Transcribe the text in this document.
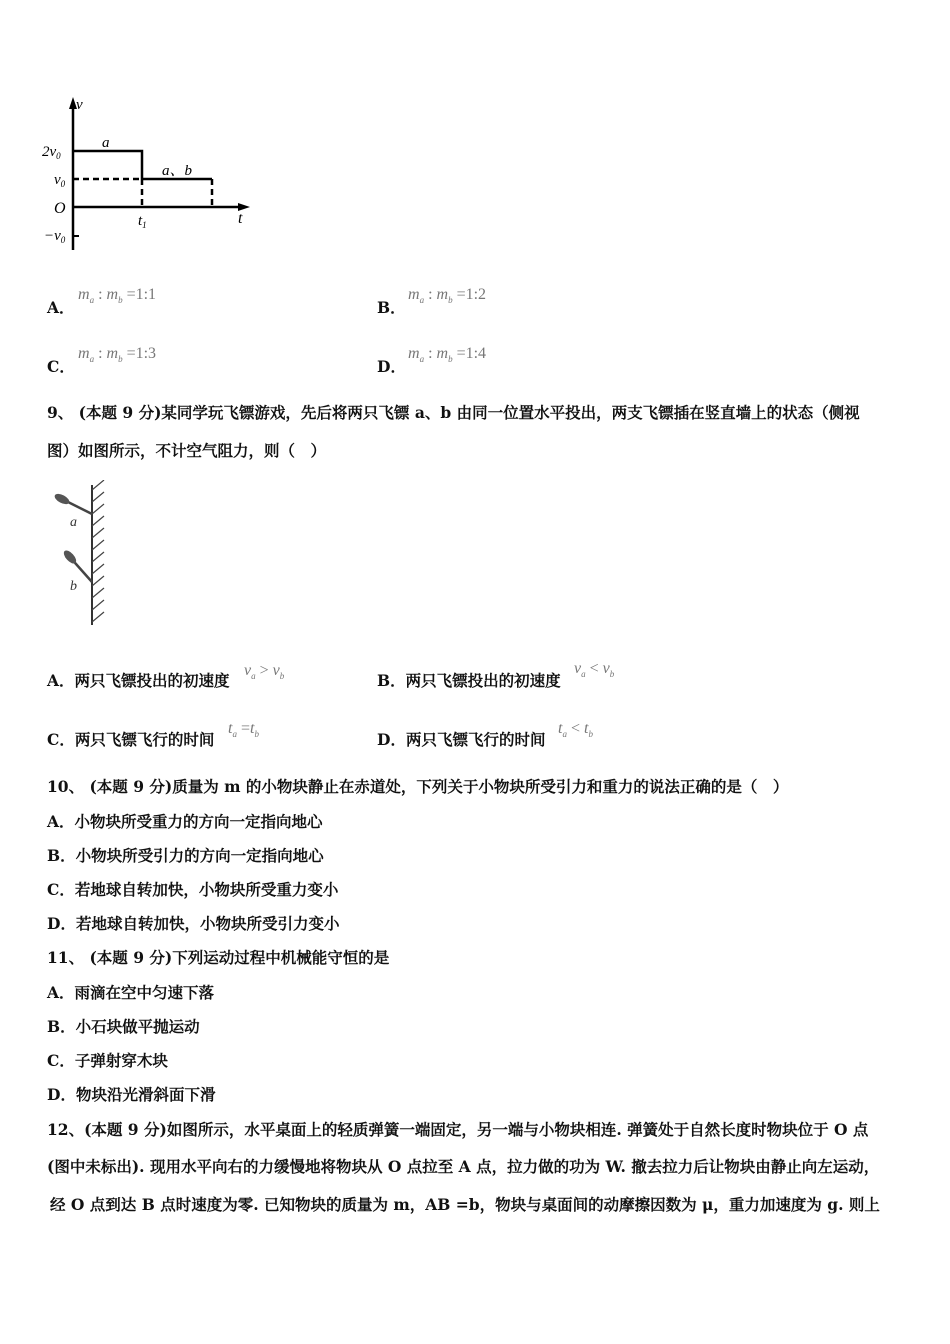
v
t
$2v_0$
$v_0$
O
$-v_0$
$t_1$
a
a、b
A．
$m_a$ : $m_b$ =1:1
B．
$m_a$ : $m_b$ =1:2
C．
$m_a$ : $m_b$ =1:3
D．
$m_a$ : $m_b$ =1:4
9、 (本题 9 分)某同学玩飞镖游戏，先后将两只飞镖 a、b 由同一位置水平投出，两支飞镖插在竖直墙上的状态（侧视
图）如图所示，不计空气阻力，则（　）
a
b
A．两只飞镖投出的初速度
$v_a > v_b$	B．两只飞镖投出的初速度
$v_a < v_b$
C．两只飞镖飞行的时间
$t_a =t_b$	D．两只飞镖飞行的时间
$t_a < t_b$
10、 (本题 9 分)质量为 m 的小物块静止在赤道处，下列关于小物块所受引力和重力的说法正确的是（　）
A．小物块所受重力的方向一定指向地心
B．小物块所受引力的方向一定指向地心
C．若地球自转加快，小物块所受重力变小
D．若地球自转加快，小物块所受引力变小
11、 (本题 9 分)下列运动过程中机械能守恒的是
A．雨滴在空中匀速下落
B．小石块做平抛运动
C．子弹射穿木块
D．物块沿光滑斜面下滑
12、(本题 9 分)如图所示，水平桌面上的轻质弹簧一端固定，另一端与小物块相连. 弹簧处于自然长度时物块位于 O 点
(图中未标出). 现用水平向右的力缓慢地将物块从 O 点拉至 A 点，拉力做的功为 W. 撤去拉力后让物块由静止向左运动，
经 O 点到达 B 点时速度为零. 已知物块的质量为 m，AB =b，物块与桌面间的动摩擦因数为 μ，重力加速度为 g. 则上
